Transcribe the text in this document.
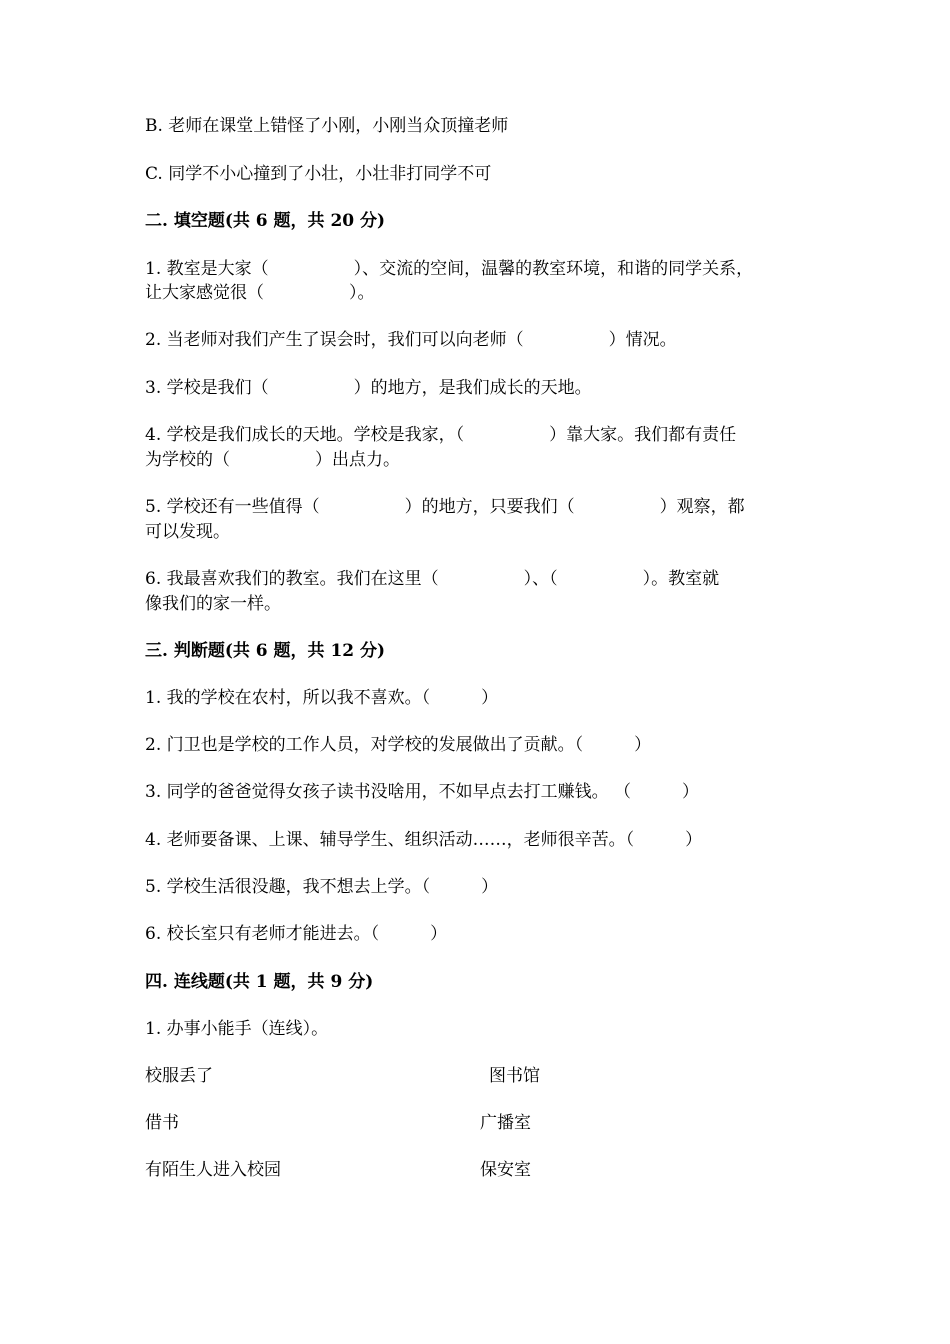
B. 老师在课堂上错怪了小刚，小刚当众顶撞老师
C. 同学不小心撞到了小壮，小壮非打同学不可
二. 填空题(共 6 题，共 20 分)
1. 教室是大家（　　　　　）、交流的空间，温馨的教室环境，和谐的同学关系，
让大家感觉很（　　　　　）。
2. 当老师对我们产生了误会时，我们可以向老师（　　　　　）情况。
3. 学校是我们（　　　　　）的地方，是我们成长的天地。
4. 学校是我们成长的天地。学校是我家，（　　　　　）靠大家。我们都有责任
为学校的（　　　　　）出点力。
5. 学校还有一些值得（　　　　　）的地方，只要我们（　　　　　）观察，都
可以发现。
6. 我最喜欢我们的教室。我们在这里（　　　　　）、（　　　　　）。教室就
像我们的家一样。
三. 判断题(共 6 题，共 12 分)
1. 我的学校在农村，所以我不喜欢。（　　　）
2. 门卫也是学校的工作人员，对学校的发展做出了贡献。（　　　）
3. 同学的爸爸觉得女孩子读书没啥用，不如早点去打工赚钱。 （　　　）
4. 老师要备课、上课、辅导学生、组织活动……，老师很辛苦。（　　　）
5. 学校生活很没趣，我不想去上学。（　　　）
6. 校长室只有老师才能进去。（　　　）
四. 连线题(共 1 题，共 9 分)
1. 办事小能手（连线）。
校服丢了	图书馆
借书	广播室
有陌生人进入校园	保安室
